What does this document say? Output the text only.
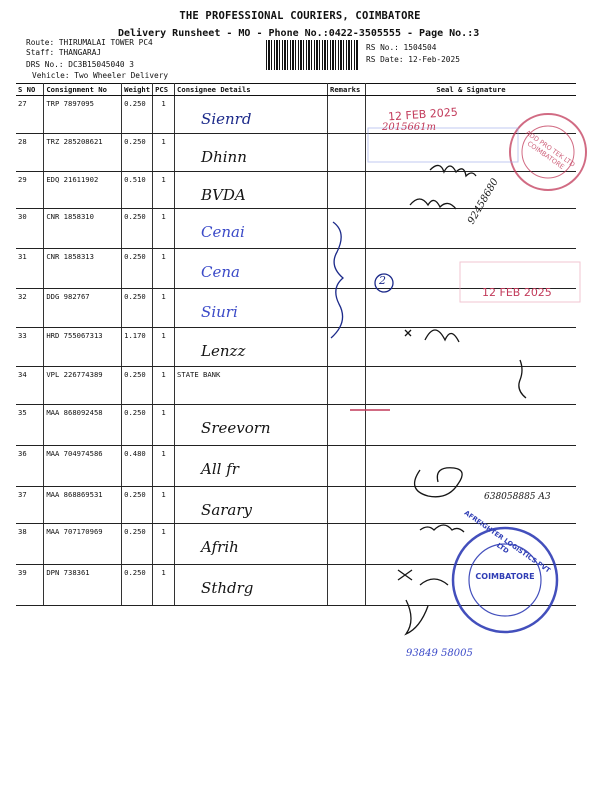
THE PROFESSIONAL COURIERS, COIMBATORE
Delivery Runsheet - MO - Phone No.:0422-3505555 - Page No.:3
Route: THIRUMALAI TOWER PC4
Staff: THANGARAJ
DRS No.: DC3B15045040 3
Vehicle: Two Wheeler Delivery
RS No.: 1504504
RS Date: 12-Feb-2025
S NO	Consignment No	Weight	PCS	Consignee Details	Remarks	Seal & Signature
27	TRP 7897095	0.250	1	Sienrd		

28	TRZ 285208621	0.250	1	Dhinn		

29	EDQ 21611902	0.510	1	BVDA		

30	CNR 1858310	0.250	1	Cenai		

31	CNR 1858313	0.250	1	Cena		

32	DDG 982767	0.250	1	Siuri		

33	HRD 755067313	1.170	1	Lenzz		

34	VPL 226774389	0.250	1	STATE BANK

35	MAA 868092458	0.250	1	Sreevorn		

36	MAA 704974586	0.480	1	All fr		

37	MAA 868869531	0.250	1	Sarary		

38	MAA 707170969	0.250	1	Afrih		

39	DPN 738361	0.250	1	Sthdrg		

12 FEB 2025
12 FEB 2025
ADD PRO TEK LTD COIMBATORE
COIMBATORE
AFREIGHTER LOGISTICS PVT LTD
2
2015661m
92458680
638058885 A3
93849 58005
